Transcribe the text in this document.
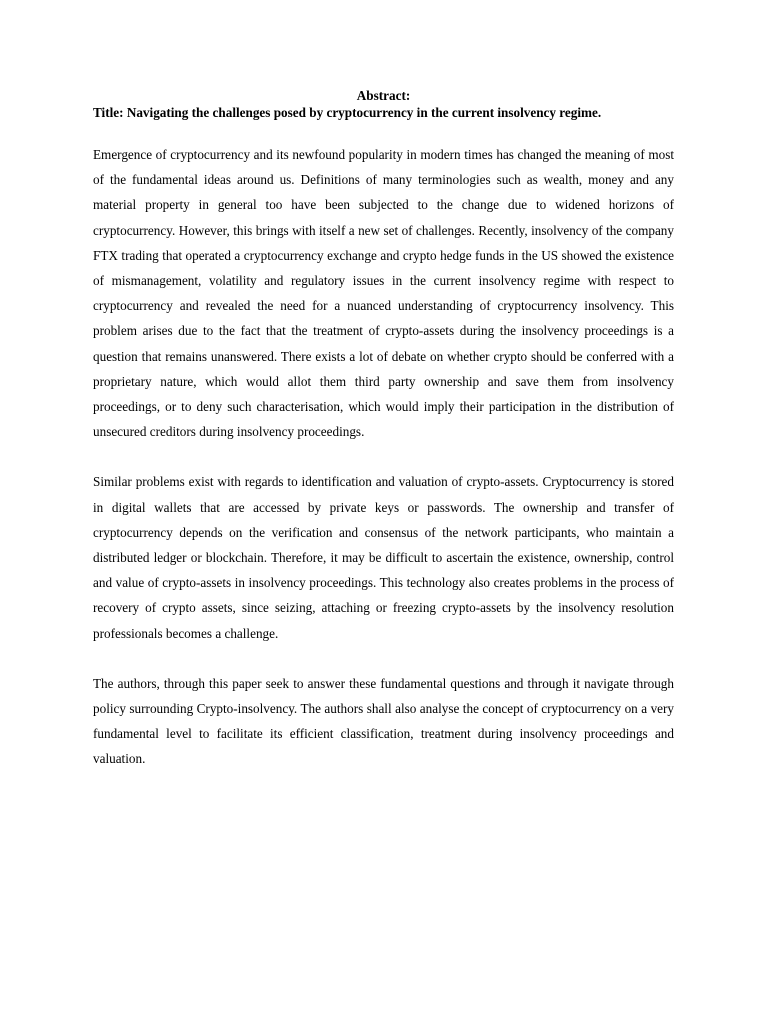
Abstract:

Title: Navigating the challenges posed by cryptocurrency in the current insolvency regime.

Emergence of cryptocurrency and its newfound popularity in modern times has changed the meaning of most of the fundamental ideas around us. Definitions of many terminologies such as wealth, money and any material property in general too have been subjected to the change due to widened horizons of cryptocurrency. However, this brings with itself a new set of challenges. Recently, insolvency of the company FTX trading that operated a cryptocurrency exchange and crypto hedge funds in the US showed the existence of mismanagement, volatility and regulatory issues in the current insolvency regime with respect to cryptocurrency and revealed the need for a nuanced understanding of cryptocurrency insolvency. This problem arises due to the fact that the treatment of crypto-assets during the insolvency proceedings is a question that remains unanswered. There exists a lot of debate on whether crypto should be conferred with a proprietary nature, which would allot them third party ownership and save them from insolvency proceedings, or to deny such characterisation, which would imply their participation in the distribution of unsecured creditors during insolvency proceedings.

Similar problems exist with regards to identification and valuation of crypto-assets. Cryptocurrency is stored in digital wallets that are accessed by private keys or passwords. The ownership and transfer of cryptocurrency depends on the verification and consensus of the network participants, who maintain a distributed ledger or blockchain. Therefore, it may be difficult to ascertain the existence, ownership, control and value of crypto-assets in insolvency proceedings. This technology also creates problems in the process of recovery of crypto assets, since seizing, attaching or freezing crypto-assets by the insolvency resolution professionals becomes a challenge.

The authors, through this paper seek to answer these fundamental questions and through it navigate through policy surrounding Crypto-insolvency. The authors shall also analyse the concept of cryptocurrency on a very fundamental level to facilitate its efficient classification, treatment during insolvency proceedings and valuation.
